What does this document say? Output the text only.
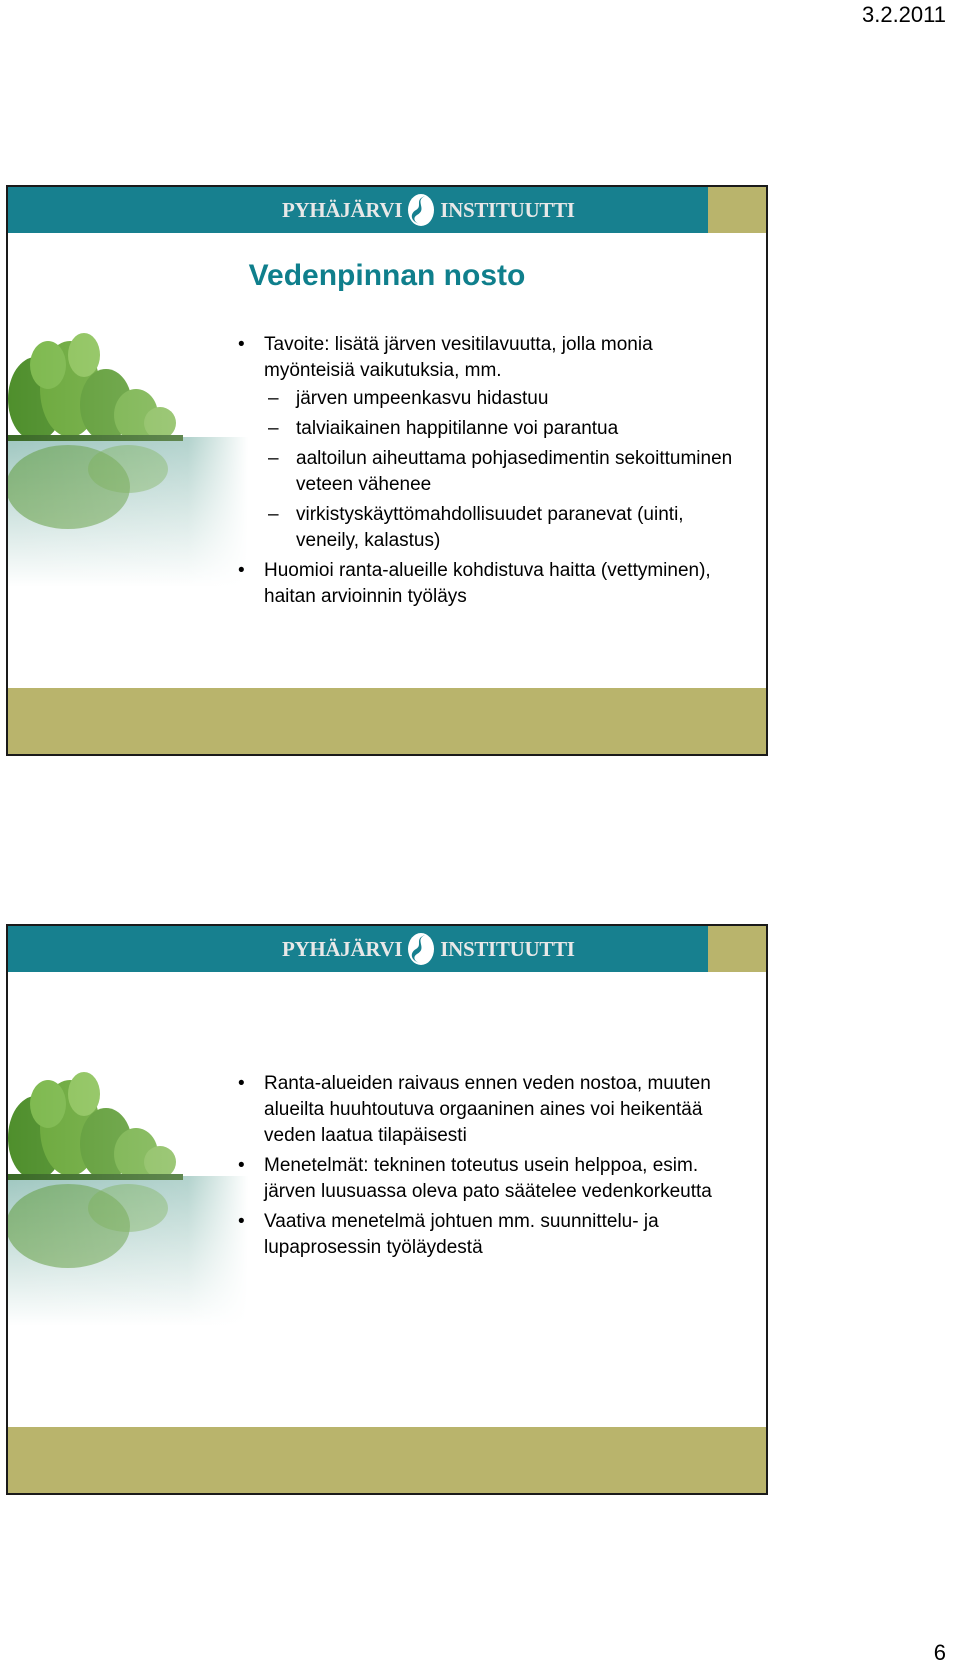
3.2.2011
PYHÄJÄRVI INSTITUUTTI
Vedenpinnan nosto
• Tavoite: lisätä järven vesitilavuutta, jolla monia myönteisiä vaikutuksia, mm.
– järven umpeenkasvu hidastuu
– talviaikainen happitilanne voi parantua
– aaltoilun aiheuttama pohjasedimentin sekoittuminen veteen vähenee
– virkistyskäyttömahdollisuudet paranevat (uinti, veneily, kalastus)
• Huomioi ranta-alueille kohdistuva haitta (vettyminen), haitan arvioinnin työläys
PYHÄJÄRVI INSTITUUTTI
• Ranta-alueiden raivaus ennen veden nostoa, muuten alueilta huuhtoutuva orgaaninen aines voi heikentää veden laatua tilapäisesti
• Menetelmät: tekninen toteutus usein helppoa, esim. järven luusuassa oleva pato säätelee vedenkorkeutta
• Vaativa menetelmä johtuen mm. suunnittelu- ja lupaprosessin työläydestä
6
